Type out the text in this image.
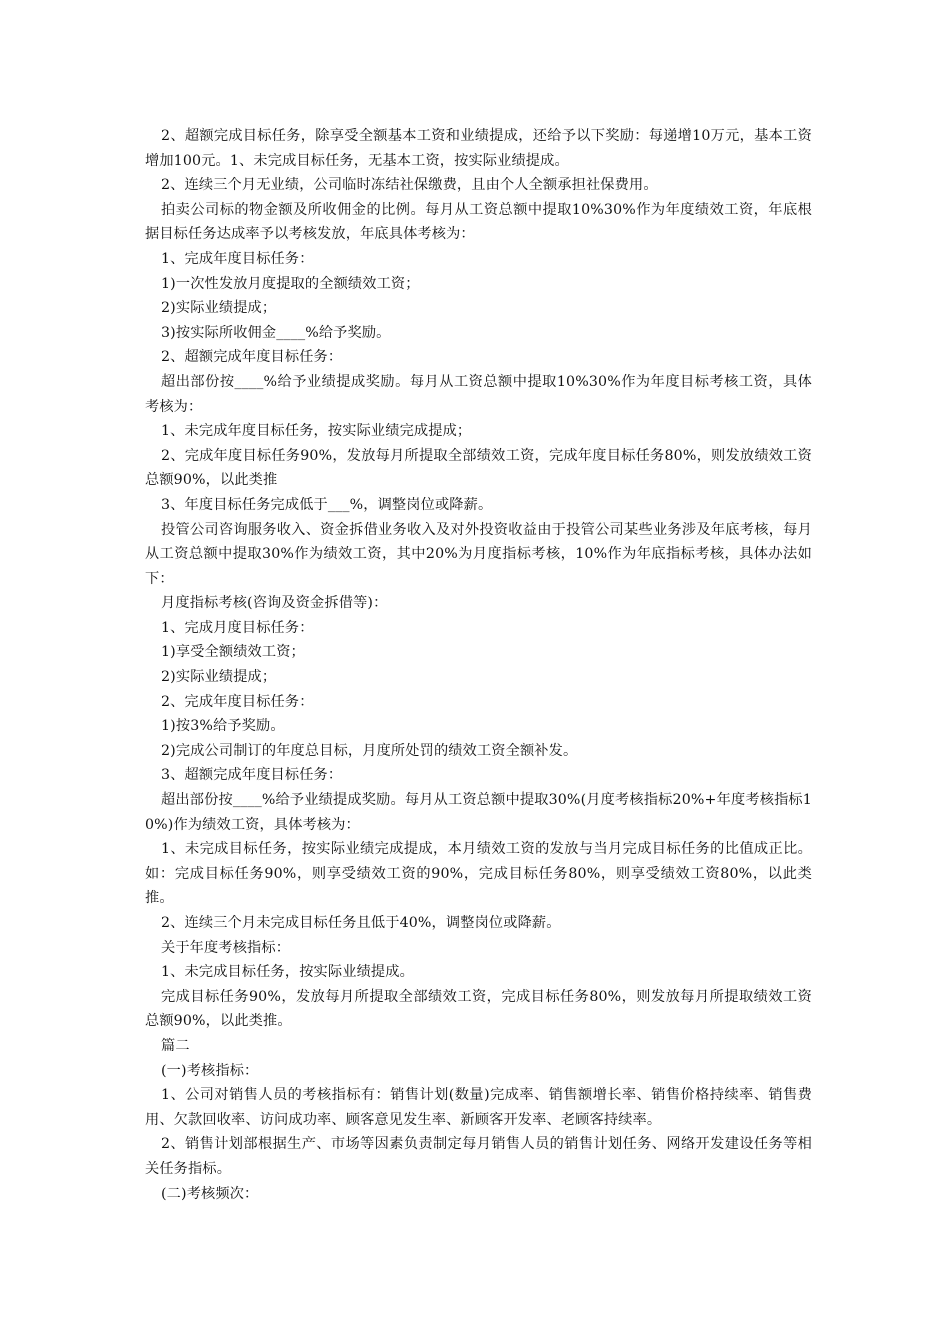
2、超额完成目标任务，除享受全额基本工资和业绩提成，还给予以下奖励：每递增10万元，基本工资增加100元。1、未完成目标任务，无基本工资，按实际业绩提成。

2、连续三个月无业绩，公司临时冻结社保缴费，且由个人全额承担社保费用。

拍卖公司标的物金额及所收佣金的比例。每月从工资总额中提取10%30%作为年度绩效工资，年底根据目标任务达成率予以考核发放，年底具体考核为：

1、完成年度目标任务：

1)一次性发放月度提取的全额绩效工资；

2)实际业绩提成；

3)按实际所收佣金____%给予奖励。

2、超额完成年度目标任务：

超出部份按____%给予业绩提成奖励。每月从工资总额中提取10%30%作为年度目标考核工资，具体考核为：

1、未完成年度目标任务，按实际业绩完成提成；

2、完成年度目标任务90%，发放每月所提取全部绩效工资，完成年度目标任务80%，则发放绩效工资总额90%，以此类推

3、年度目标任务完成低于___%，调整岗位或降薪。

投管公司咨询服务收入、资金拆借业务收入及对外投资收益由于投管公司某些业务涉及年底考核，每月从工资总额中提取30%作为绩效工资，其中20%为月度指标考核，10%作为年底指标考核，具体办法如下：

月度指标考核(咨询及资金拆借等)：

1、完成月度目标任务：

1)享受全额绩效工资；

2)实际业绩提成；

2、完成年度目标任务：

1)按3%给予奖励。

2)完成公司制订的年度总目标，月度所处罚的绩效工资全额补发。

3、超额完成年度目标任务：

超出部份按____%给予业绩提成奖励。每月从工资总额中提取30%(月度考核指标20%+年度考核指标10%)作为绩效工资，具体考核为：

1、未完成目标任务，按实际业绩完成提成，本月绩效工资的发放与当月完成目标任务的比值成正比。如：完成目标任务90%，则享受绩效工资的90%，完成目标任务80%，则享受绩效工资80%，以此类推。

2、连续三个月未完成目标任务且低于40%，调整岗位或降薪。

关于年度考核指标：

1、未完成目标任务，按实际业绩提成。

完成目标任务90%，发放每月所提取全部绩效工资，完成目标任务80%，则发放每月所提取绩效工资总额90%，以此类推。

篇二

(一)考核指标：

1、公司对销售人员的考核指标有：销售计划(数量)完成率、销售额增长率、销售价格持续率、销售费用、欠款回收率、访问成功率、顾客意见发生率、新顾客开发率、老顾客持续率。

2、销售计划部根据生产、市场等因素负责制定每月销售人员的销售计划任务、网络开发建设任务等相关任务指标。

(二)考核频次：
